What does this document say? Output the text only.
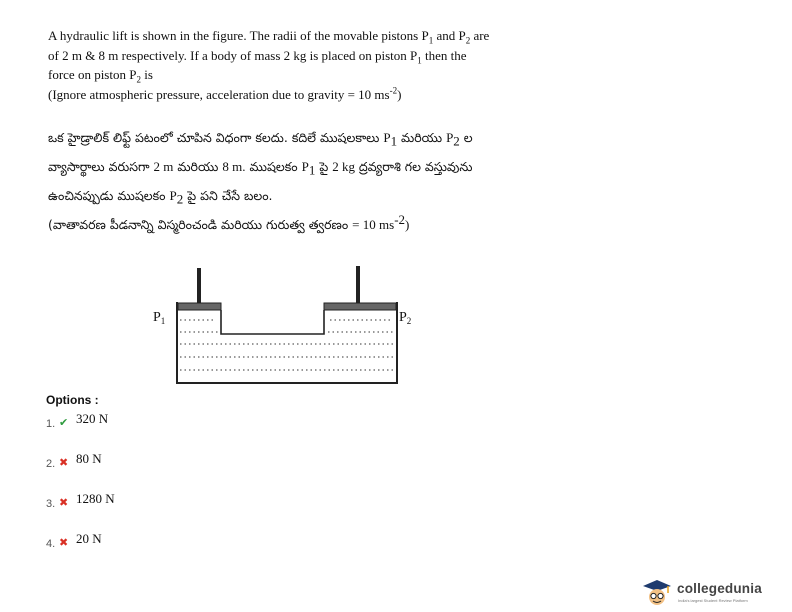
A hydraulic lift is shown in the figure. The radii of the movable pistons $P_1$ and $P_2$ are

of 2 m & 8 m respectively. If a body of mass 2 kg is placed on piston $P_1$ then the

force on piston $P_2$ is

(Ignore atmospheric pressure, acceleration due to gravity = 10 $ms^{-2}$)

ఒక హైడ్రాలిక్ లిఫ్ట్ పటంలో చూపిన విధంగా కలదు. కదిలే ముషలకాలు $P_1$ మరియు $P_2$ ల

వ్యాసార్థాలు వరుసగా 2 m మరియు 8 m. ముషలకం $P_1$ పై 2 kg ద్రవ్యరాశి గల వస్తువును

ఉంచినప్పుడు ముషలకం $P_2$ పై పని చేసే బలం.

(వాతావరణ పీడనాన్ని విస్మరించండి మరియు గురుత్వ త్వరణం = 10 $ms^{-2}$)

$P_1$	$P_2$
Options :
1. ✔ 320 N
2. ✖ 80 N
3. ✖ 1280 N
4. ✖ 20 N
collegedunia
India's largest Student Review Platform
